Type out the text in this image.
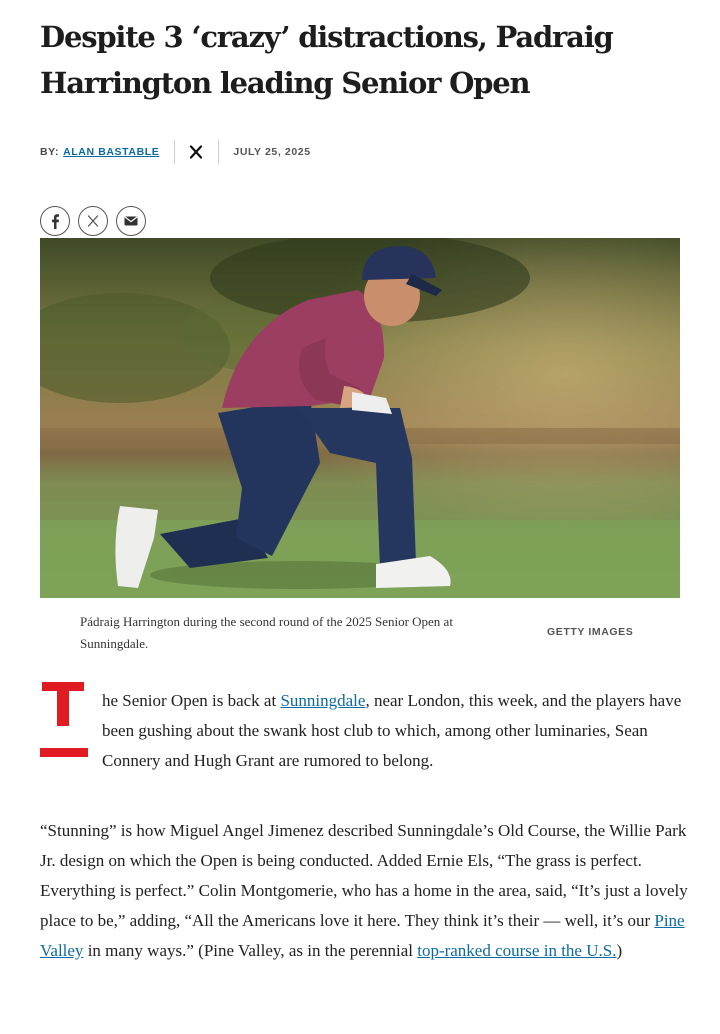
Despite 3 ‘crazy’ distractions, Padraig Harrington leading Senior Open
BY: ALAN BASTABLE	JULY 25, 2025
Pádraig Harrington during the second round of the 2025 Senior Open at Sunningdale.
GETTY IMAGES

he Senior Open is back at Sunningdale, near London, this week, and the players have been gushing about the swank host club to which, among other luminaries, Sean Connery and Hugh Grant are rumored to belong.

“Stunning” is how Miguel Angel Jimenez described Sunningdale’s Old Course, the Willie Park Jr. design on which the Open is being conducted. Added Ernie Els, “The grass is perfect. Everything is perfect.” Colin Montgomerie, who has a home in the area, said, “It’s just a lovely place to be,” adding, “All the Americans love it here. They think it’s their — well, it’s our Pine Valley in many ways.” (Pine Valley, as in the perennial top-ranked course in the U.S.)
